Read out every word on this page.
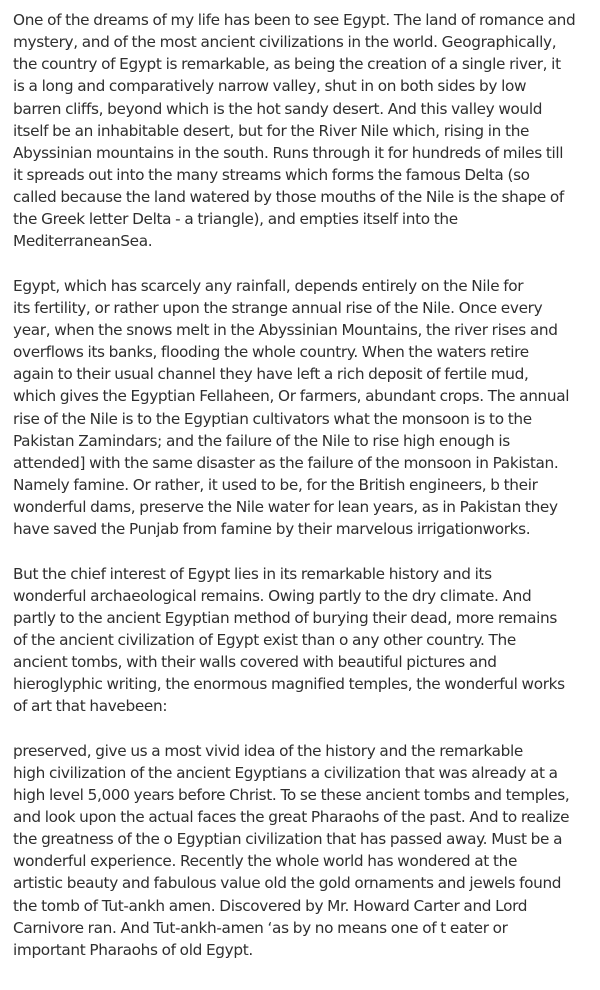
One of the dreams of my life has been to see Egypt. The land of romance and
mystery, and of the most ancient civilizations in the world. Geographically,
the country of Egypt is remarkable, as being the creation of a single river, it
is a long and comparatively narrow valley, shut in on both sides by low
barren cliffs, beyond which is the hot sandy desert. And this valley would
itself be an inhabitable desert, but for the River Nile which, rising in the
Abyssinian mountains in the south. Runs through it for hundreds of miles till
it spreads out into the many streams which forms the famous Delta (so
called because the land watered by those mouths of the Nile is the shape of
the Greek letter Delta - a triangle), and empties itself into the
MediterraneanSea.
Egypt, which has scarcely any rainfall, depends entirely on the Nile for
its fertility, or rather upon the strange annual rise of the Nile. Once every
year, when the snows melt in the Abyssinian Mountains, the river rises and
overflows its banks, flooding the whole country. When the waters retire
again to their usual channel they have left a rich deposit of fertile mud,
which gives the Egyptian Fellaheen, Or farmers, abundant crops. The annual
rise of the Nile is to the Egyptian cultivators what the monsoon is to the
Pakistan Zamindars; and the failure of the Nile to rise high enough is
attended] with the same disaster as the failure of the monsoon in Pakistan.
Namely famine. Or rather, it used to be, for the British engineers, b their
wonderful dams, preserve the Nile water for lean years, as in Pakistan they
have saved the Punjab from famine by their marvelous irrigationworks.
But the chief interest of Egypt lies in its remarkable history and its
wonderful archaeological remains. Owing partly to the dry climate. And
partly to the ancient Egyptian method of burying their dead, more remains
of the ancient civilization of Egypt exist than o any other country. The
ancient tombs, with their walls covered with beautiful pictures and
hieroglyphic writing, the enormous magnified temples, the wonderful works
of art that havebeen:
preserved, give us a most vivid idea of the history and the remarkable
high civilization of the ancient Egyptians a civilization that was already at a
high level 5,000 years before Christ. To se these ancient tombs and temples,
and look upon the actual faces the great Pharaohs of the past. And to realize
the greatness of the o Egyptian civilization that has passed away. Must be a
wonderful experience. Recently the whole world has wondered at the
artistic beauty and fabulous value old the gold ornaments and jewels found
the tomb of Tut-ankh amen. Discovered by Mr. Howard Carter and Lord
Carnivore ran. And Tut-ankh-amen ‘as by no means one of t eater or
important Pharaohs of old Egypt.
